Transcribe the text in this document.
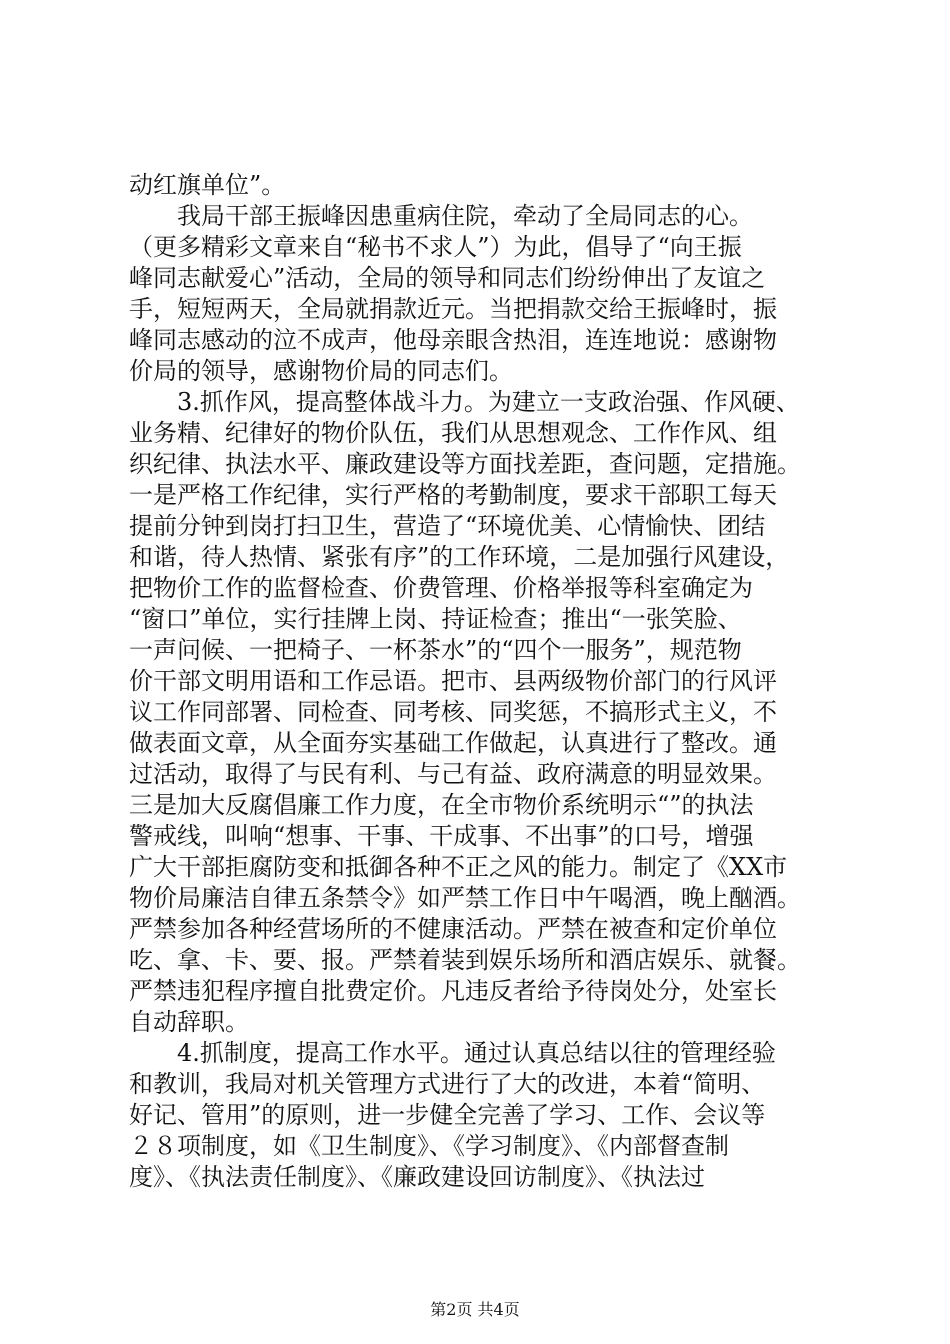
动红旗单位”。
　　我局干部王振峰因患重病住院，牵动了全局同志的心。
（更多精彩文章来自“秘书不求人”）为此，倡导了“向王振
峰同志献爱心”活动，全局的领导和同志们纷纷伸出了友谊之
手，短短两天，全局就捐款近元。当把捐款交给王振峰时，振
峰同志感动的泣不成声，他母亲眼含热泪，连连地说：感谢物
价局的领导，感谢物价局的同志们。
　　3.抓作风，提高整体战斗力。为建立一支政治强、作风硬、
业务精、纪律好的物价队伍，我们从思想观念、工作作风、组
织纪律、执法水平、廉政建设等方面找差距，查问题，定措施。
一是严格工作纪律，实行严格的考勤制度，要求干部职工每天
提前分钟到岗打扫卫生，营造了“环境优美、心情愉快、团结
和谐，待人热情、紧张有序”的工作环境，二是加强行风建设，
把物价工作的监督检查、价费管理、价格举报等科室确定为
“窗口”单位，实行挂牌上岗、持证检查；推出“一张笑脸、
一声问候、一把椅子、一杯茶水”的“四个一服务”，规范物
价干部文明用语和工作忌语。把市、县两级物价部门的行风评
议工作同部署、同检查、同考核、同奖惩，不搞形式主义，不
做表面文章，从全面夯实基础工作做起，认真进行了整改。通
过活动，取得了与民有利、与己有益、政府满意的明显效果。
三是加大反腐倡廉工作力度，在全市物价系统明示“”的执法
警戒线，叫响“想事、干事、干成事、不出事”的口号，增强
广大干部拒腐防变和抵御各种不正之风的能力。制定了《XX市
物价局廉洁自律五条禁令》如严禁工作日中午喝酒，晚上酗酒。
严禁参加各种经营场所的不健康活动。严禁在被查和定价单位
吃、拿、卡、要、报。严禁着装到娱乐场所和酒店娱乐、就餐。
严禁违犯程序擅自批费定价。凡违反者给予待岗处分，处室长
自动辞职。
　　4.抓制度，提高工作水平。通过认真总结以往的管理经验
和教训，我局对机关管理方式进行了大的改进，本着“简明、
好记、管用”的原则，进一步健全完善了学习、工作、会议等
２８项制度，如《卫生制度》、《学习制度》、《内部督查制
度》、《执法责任制度》、《廉政建设回访制度》、《执法过
第2页 共4页
